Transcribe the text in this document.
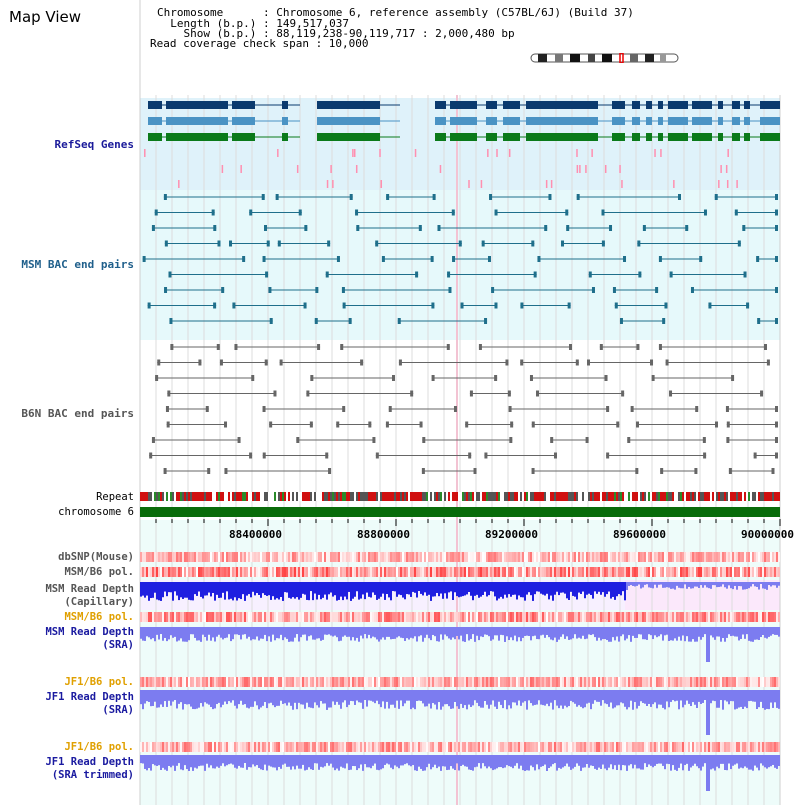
Map View	Chromosome      : Chromosome 6, reference assembly (C57BL/6J) (Build 37)
Length (b.p.) : 149,517,037
Show (b.p.) : 88,119,238-90,119,717 : 2,000,480 bp
Read coverage check span : 10,000
RefSeq Genes
MSM BAC end pairs
B6N BAC end pairs
Repeat
chromosome 6
dbSNP(Mouse)
MSM/B6 pol.
MSM Read Depth
(Capillary)
MSM/B6 pol.
MSM Read Depth
(SRA)
JF1/B6 pol.
JF1 Read Depth
(SRA)
JF1/B6 pol.
JF1 Read Depth
(SRA trimmed)
88400000	88800000	89200000	89600000	90000000
